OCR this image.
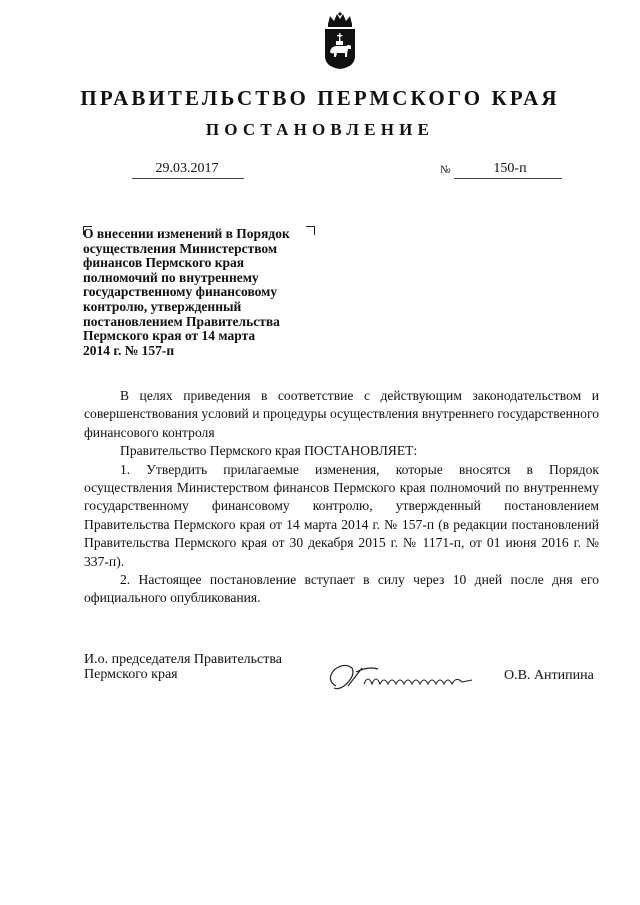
ПРАВИТЕЛЬСТВО ПЕРМСКОГО КРАЯ
ПОСТАНОВЛЕНИЕ
29.03.2017	№	150-п
О внесении изменений в Порядок
осуществления Министерством
финансов Пермского края
полномочий по внутреннему
государственному финансовому
контролю, утвержденный
постановлением Правительства
Пермского края от 14 марта
2014 г. № 157-п

В целях приведения в соответствие с действующим законодательством и совершенствования условий и процедуры осуществления внутреннего государственного финансового контроля

Правительство Пермского края ПОСТАНОВЛЯЕТ:

1. Утвердить прилагаемые изменения, которые вносятся в Порядок осуществления Министерством финансов Пермского края полномочий по внутреннему государственному финансовому контролю, утвержденный постановлением Правительства Пермского края от 14 марта 2014 г. № 157-п (в редакции постановлений Правительства Пермского края от 30 декабря 2015 г. № 1171-п, от 01 июня 2016 г. № 337-п).

2. Настоящее постановление вступает в силу через 10 дней после дня его официального опубликования.

И.о. председателя Правительства
Пермского края	О.В. Антипина
